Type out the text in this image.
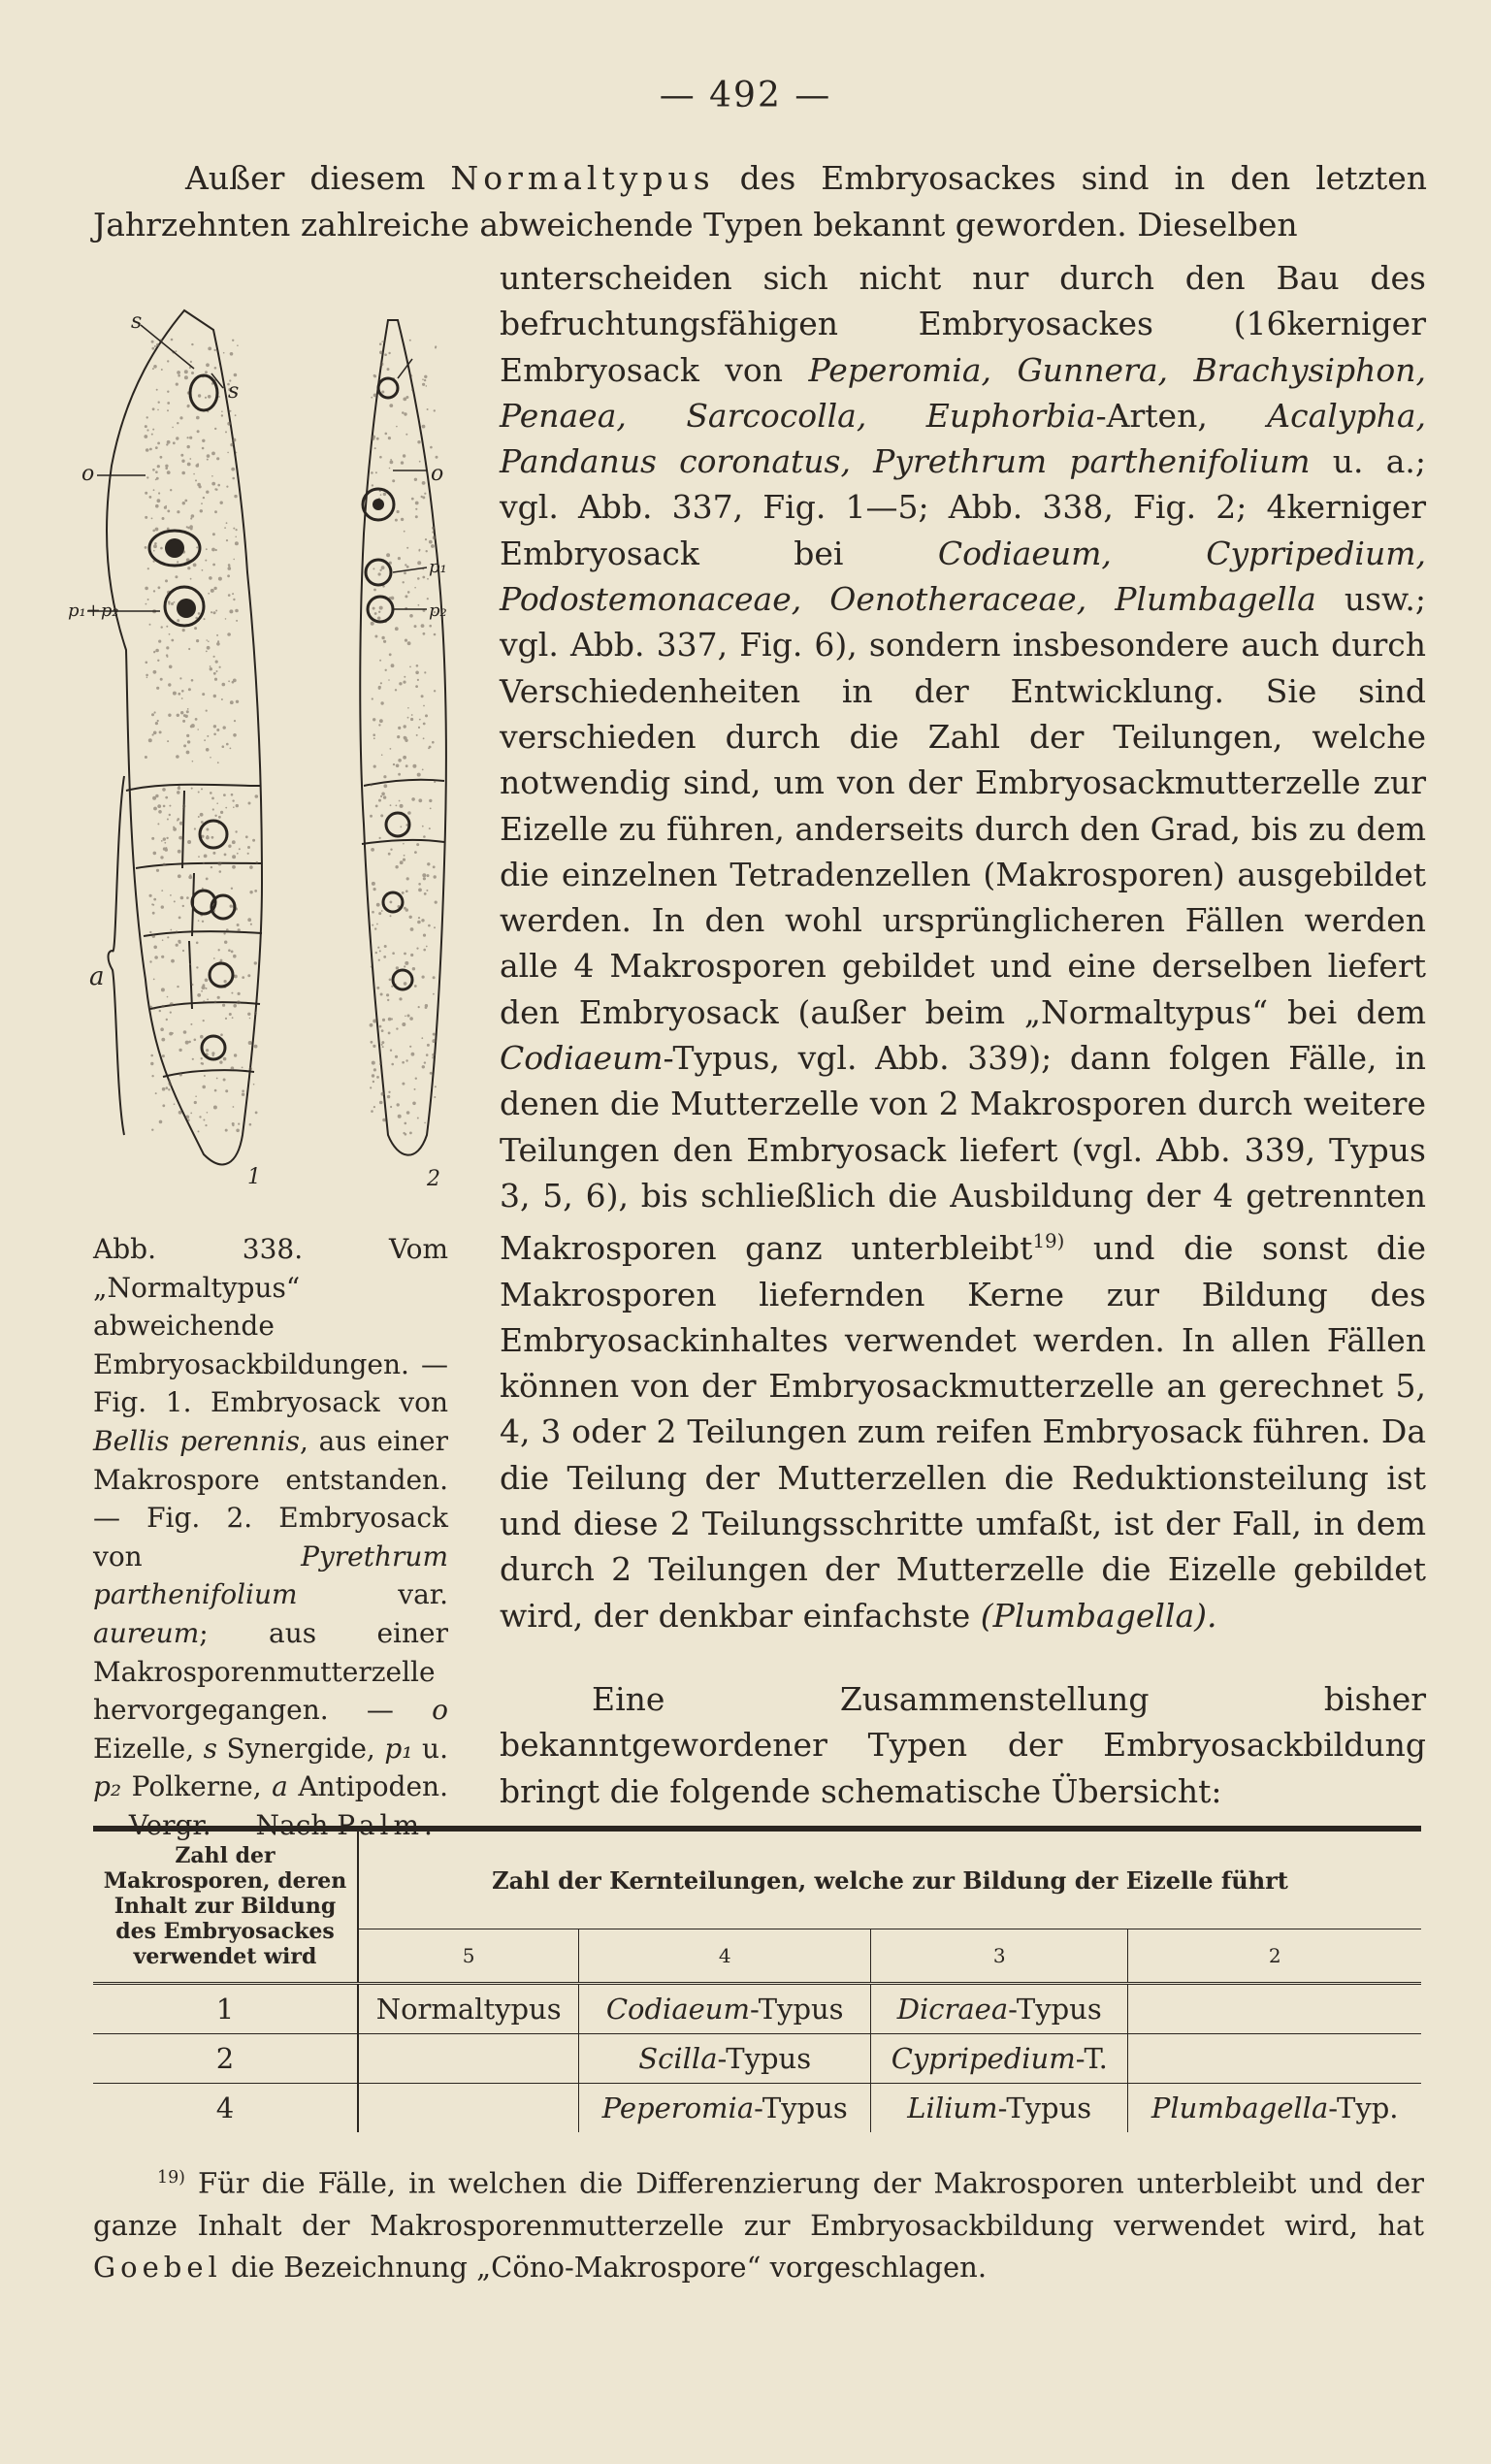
— 492 —
Außer diesem Normaltypus des Embryosackes sind in den letzten Jahrzehnten zahlreiche abweichende Typen bekannt geworden. Dieselben
unterscheiden sich nicht nur durch den Bau des befruchtungsfähigen Embryosackes (16kerniger Embryosack von Peperomia, Gunnera, Brachysiphon, Penaea, Sarcocolla, Euphorbia-Arten, Acalypha, Pandanus coronatus, Pyrethrum parthenifolium u. a.; vgl. Abb. 337, Fig. 1—5; Abb. 338, Fig. 2; 4kerniger Embryosack bei Codiaeum, Cypripedium, Podostemonaceae, Oenotheraceae, Plumbagella usw.; vgl. Abb. 337, Fig. 6), sondern insbesondere auch durch Verschiedenheiten in der Entwicklung. Sie sind verschieden durch die Zahl der Teilungen, welche notwendig sind, um von der Embryosackmutterzelle zur Eizelle zu führen, anderseits durch den Grad, bis zu dem die einzelnen Tetradenzellen (Makrosporen) ausgebildet werden. In den wohl ursprünglicheren Fällen werden alle 4 Makrosporen gebildet und eine derselben liefert den Embryosack (außer beim „Normaltypus“ bei dem Codiaeum-Typus, vgl. Abb. 339); dann folgen Fälle, in denen die Mutterzelle von 2 Makrosporen durch weitere Teilungen den Embryosack liefert (vgl. Abb. 339, Typus 3, 5, 6), bis schließlich die Ausbildung der 4 getrennten Makrosporen ganz unterbleibt$^{19)}$ und die sonst die Makrosporen liefernden Kerne zur Bildung des Embryosackinhaltes verwendet werden. In allen Fällen können von der Embryosackmutterzelle an gerechnet 5, 4, 3 oder 2 Teilungen zum reifen Embryosack führen. Da die Teilung der Mutterzellen die Reduktionsteilung ist und diese 2 Teilungsschritte umfaßt, ist der Fall, in dem durch 2 Teilungen der Mutterzelle die Eizelle gebildet wird, der denkbar einfachste (Plumbagella).
Eine Zusammenstellung bisher bekanntgewordener Typen der Embryosackbildung bringt die folgende schematische Übersicht:
s
s
o	o
p₁+p₂
p₁
p₂
a
1	2
Abb. 338. Vom „Normaltypus“ abweichende Embryosackbildungen. — Fig. 1. Embryosack von Bellis perennis, aus einer Makrospore entstanden. — Fig. 2. Embryosack von Pyrethrum parthenifolium var. aureum; aus einer Makrosporenmutterzelle hervorgegangen. — o Eizelle, s Synergide, p₁ u. p₂ Polkerne, a Antipoden. — Vergr. — Nach Palm.
Zahl der Makrosporen, deren Inhalt zur Bildung des Embryosackes verwendet wird	Zahl der Kernteilungen, welche zur Bildung der Eizelle führt			
	5	4	3	2
1	Normaltypus	Codiaeum-Typus	Dicraea-Typus	
2		Scilla-Typus	Cypripedium-T.	
4		Peperomia-Typus	Lilium-Typus	Plumbagella-Typ.
$^{19)}$ Für die Fälle, in welchen die Differenzierung der Makrosporen unterbleibt und der ganze Inhalt der Makrosporenmutterzelle zur Embryosackbildung verwendet wird, hat Goebel die Bezeichnung „Cöno-Makrospore“ vorgeschlagen.
